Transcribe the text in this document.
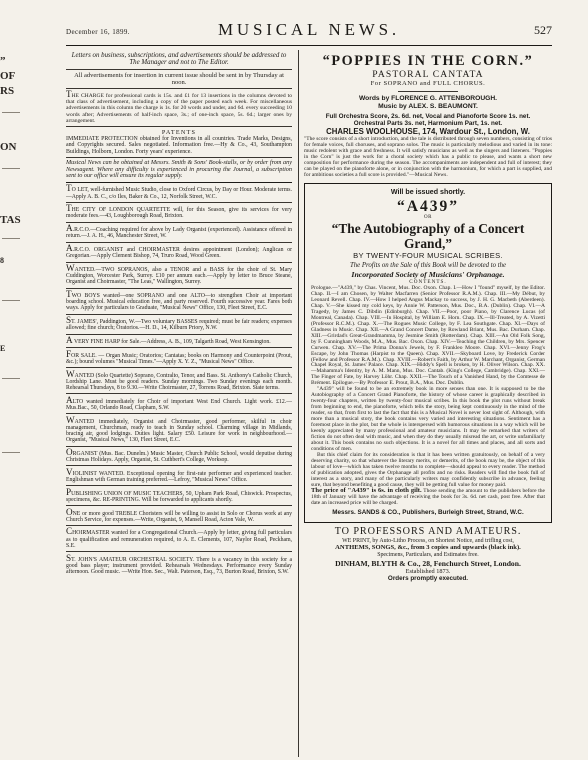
”
OF
RS
ON
TAS
8
E
December 16, 1899.	MUSICAL NEWS.	527

Letters on business, subscriptions, and advertisements should be addressed to The Manager and not to The Editor.

All advertisements for insertion in current issue should be sent in by Thursday at noon.

THE CHARGE for professional cards is 15s. and £1 for 13 insertions in the columns devoted to that class of advertisement, including a copy of the paper posted each week. For miscellaneous advertisements in this column the charge is 1s. for 20 words and under, and 6d. every succeeding 10 words after; Advertisements of half-inch space, 3s.; of one-inch space, 5s. 6d.; larger ones by arrangement.

PATENTS

IMMEDIATE PROTECTION obtained for Inventions in all countries. Trade Marks, Designs, and Copyrights secured. Sales negotiated. Information free.—Hy & Co., 43, Southampton Buildings, Holborn, London. Forty years' experience.

Musical News can be obtained at Messrs. Smith & Sons' Book-stalls, or by order from any Newsagent. Where any difficulty is experienced in procuring the Journal, a subscription sent to our office will ensure its regular supply.

TO LET, well-furnished Music Studio, close to Oxford Circus, by Day or Hour. Moderate terms.—Apply A. B. C., c/o Iles, Baker & Co., 12, Norfolk Street, W.C.

THE CITY OF LONDON QUARTETTE will, for this Season, give its services for very moderate fees.—43, Loughborough Road, Brixton.

A.R.C.O.—Coaching required for above by Lady Organist (experienced). Assistance offered in return.—J. A. H., 46, Manchester Street, W.

A.R.C.O. ORGANIST and CHOIRMASTER desires appointment (London); Anglican or Gregorian.—Apply Clement Bishop, 74, Truro Road, Wood Green.

WANTED.—TWO SOPRANOS, also a TENOR and a BASS for the choir of St. Mary Cuddington, Worcester Park, Surrey. £10 per annum each.—Apply by letter to Bruce Steane, Organist and Choirmaster, "The Leas," Wallington, Surrey.

TWO BOYS wanted—one SOPRANO and one ALTO—to strengthen Choir at important boarding school. Musical education free, and party reserved. Fourth successive year. Fares both ways. Apply for particulars to Graduate, "Musical News" Office, 130, Fleet Street, E.C.

ST. JAMES', Paddington, W.—Two voluntary BASSES required; must be fair readers; expenses allowed; fine church; Oratorios.—H. D., 14, Kilburn Priory, N.W.

A VERY FINE HARP for Sale.—Address, A. B., 109, Talgarth Road, West Kensington.

FOR SALE. — Organ Music; Oratorios; Cantatas; books on Harmony and Counterpoint (Prout, &c.); bound volumes "Musical Times."—Apply X. Y. Z., "Musical News" Office.

WANTED (Solo Quartette) Soprano, Contralto, Tenor, and Bass. St. Anthony's Catholic Church, Lordship Lane. Must be good readers. Sunday mornings. Two Sunday evenings each month. Rehearsal Thursdays, 8 to 9.30.—Write Choirmaster, 27, Torrens Road, Brixton. State terms.

ALTO wanted immediately for Choir of important West End Church. Light work. £12.—Mus.Bac., 50, Orlando Road, Clapham, S.W.

WANTED immediately, Organist and Choirmaster, good performer, skilful in choir management, Churchman, ready to teach in Sunday school. Charming village in Midlands, bracing air, good lodgings. Duties light. Salary £50. Leisure for work in neighbourhood.—Organist, "Musical News," 130, Fleet Street, E.C.

ORGANIST (Mus. Bac. Dunelm.) Music Master, Church Public School, would deputise during Christmas Holidays. Apply, Organist, St. Cuthbert's College, Worksop.

VIOLINIST WANTED. Exceptional opening for first-rate performer and experienced teacher. Englishman with German training preferred.—Lefroy, "Musical News" Office.

PUBLISHING UNION OF MUSIC TEACHERS, 50, Upham Park Road, Chiswick. Prospectus, specimens, &c. RE-PRINTING. Will be forwarded to applicants shortly.

ONE or more good TREBLE Choristers will be willing to assist in Solo or Chorus work at any Church Service, for expenses.—Write, Organist, 9, Mansell Road, Acton Vale, W.

CHOIRMASTER wanted for a Congregational Church.—Apply by letter, giving full particulars as to qualification and remuneration required, to A. E. Clements, 107, Naylor Road, Peckham, S.E.

ST. JOHN'S AMATEUR ORCHESTRAL SOCIETY. There is a vacancy in this society for a good bass player; instrument provided. Rehearsals Wednesdays. Performance every Sunday afternoon. Good music. —Write Hon. Sec., Walt. Paterson, Esq., 73, Burton Road, Brixton, S.W.

“POPPIES IN THE CORN.”
PASTORAL CANTATA
For SOPRANO and FULL CHORUS.
Words by FLORENCE G. ATTENBOROUGH.
Music by ALEX. S. BEAUMONT.
Full Orchestra Score, 2s. 6d. net, Vocal and Pianoforte Score 1s. net.
Orchestral Parts 3s. net, Harmonium Part, 1s. net.
CHARLES WOOLHOUSE, 174, Wardour St., London, W.

"The score consists of a short introduction, and the tale is distributed through seven numbers, consisting of trios for female voices, full choruses, and soprano solos. The music is particularly melodious and varied in its tone: music redolent with grace and freshness. It will satisfy musicians as well as the singers and listeners. "Poppies in the Corn" is just the work for a choral society which has a public to please, and wants a short new composition for performance during the season. The accompaniments are independent and full of interest; they can be played on the pianoforte alone, or in conjunction with the harmonium, for which a part is supplied, and for ambitious societies a full score is provided."—Musical News.

Will be issued shortly.
“A439”
OR
“The Autobiography of a Concert Grand,”
BY TWENTY-FOUR MUSICAL SCRIBES.
The Profits on the Sale of this Book will be devoted to the
Incorporated Society of Musicians' Orphanage.
CONTENTS.

Prologue.—"A439," by Chas. Vincent, Mus. Doc. Oxon. Chap. I.—How I "found" myself, by the Editor. Chap. II.—I am Chosen, by Walter Macfarren (Senior Professor R.A.M.). Chap. III.—My Début, by Leonard Revell. Chap. IV.—How I helped Angus Mackay to success, by J. H. G. Macbeth (Aberdeen). Chap. V.—She kissed my cold keys, by Annie W. Patterson, Mus. Doc., B.A. (Dublin). Chap. VI.—A Tragedy, by James C. Dibdin (Edinburgh). Chap. VII.—Poor, poor Piano, by Clarence Lucas (of Montreal, Canada). Chap. VIII.—In Hospital, by William E. Horn. Chap. IX.—Ill-Treated, by A. Vizetti (Professor R.C.M.). Chap. X.—The Rogues Music College, by F. Lea Southgate. Chap. XI.—Days of Gladness in Music. Chap. XII.—A Grand Concert Dame, by Rowland Briant, Mus. Bac. Durham. Chap. XIII.—Grirdad's Great-Grandmamma, by Jesmine Smith (Rotterdam). Chap. XIII.—An Old Folk Song, by F. Cunningham Woods, M.A., Mus. Bac. Oxon. Chap. XIV.—Teaching the Children, by Mrs. Spencer Curwen. Chap. XV.—The Prima Donna's Jewels, by F. Frankleo Moore. Chap. XVI.—Jenny Frog's Escape, by John Thomas (Harpist to the Queen). Chap. XVII.—Skyboard Love, by Frederick Corder (Fellow and Professor R.A.M.). Chap. XVIII.—Robert's Faith, by Arthur W. Marchant, Organist, German Chapel Royal, St. James' Palace. Chap. XIX.—Hiddy's Spell is broken, by H. Oliver Wilson. Chap. XX.—Mahamma's Identity, by A. M. Mann, Mus. Doc. Cantab. (King's College, Cambridge). Chap. XXI.—The Finger of Fate, by Harvey Löhr. Chap. XXII.—The Touch of a Vanished Hand, by the Comtesse de Brément. Epilogue.—By Professor E. Prout, B.A., Mus. Doc. Dublin.

"A439" will be found to be an extremely book in more senses than one. It is supposed to be the Autobiography of a Concert Grand Pianoforte, the history of whose career is graphically described in twenty-four chapters, written by twenty-four musical scribes. In this book the plot runs without break from beginning to end, the pianoforte, which tells the story, being kept continuously in the mind of the reader, so that, from first to last the fact that this is a Musical Novel is never lost sight of. Although, with more than a musical story, the book contains very varied and interesting situations. Sentiment has a foremost place in the plot, but the whole is interspersed with humorous situations in a way which will be keenly appreciated by many professional and amateur musicians. It may be remarked that writers of fiction do not often deal with music, and when they do they usually misread the art, or write unfamiliarly about it. This book contains no such objections. It is a novel for all times and places, and all sorts and conditions of men.

But this chief claim for its consideration is that it has been written gratuitously, on behalf of a very deserving charity, so that whatever the literary merits, or demerits, of the book may be, the object of this labour of love—which has taken twelve months to complete—should appeal to every reader. The method of publication adopted, gives the Orphanage all profits and no risks. Readers will find the book full of interest as a story, and many of the particularly writers may confidently subscribe in advance, feeling sure, that beyond benefiting a good cause, they will be getting full value for money paid.

The price of "A439" is 6s. in cloth gilt. Those sending the amount to the publishers before the 18th of January will have the advantage of receiving the book for 3s. 6d. net cash, post free. After that date an increased price will be charged.

Messrs. SANDS & CO., Publishers, Burleigh Street, Strand, W.C.
TO PROFESSORS AND AMATEURS.
WE PRINT, by Auto-Litho Process, on Shortest Notice, and trifling cost,
ANTHEMS, SONGS, &c., from 3 copies and upwards (black ink).
Specimens, Particulars, and Estimates free.
DINHAM, BLYTH & Co., 28, Fenchurch Street, London.
Established 1873.
Orders promptly executed.
